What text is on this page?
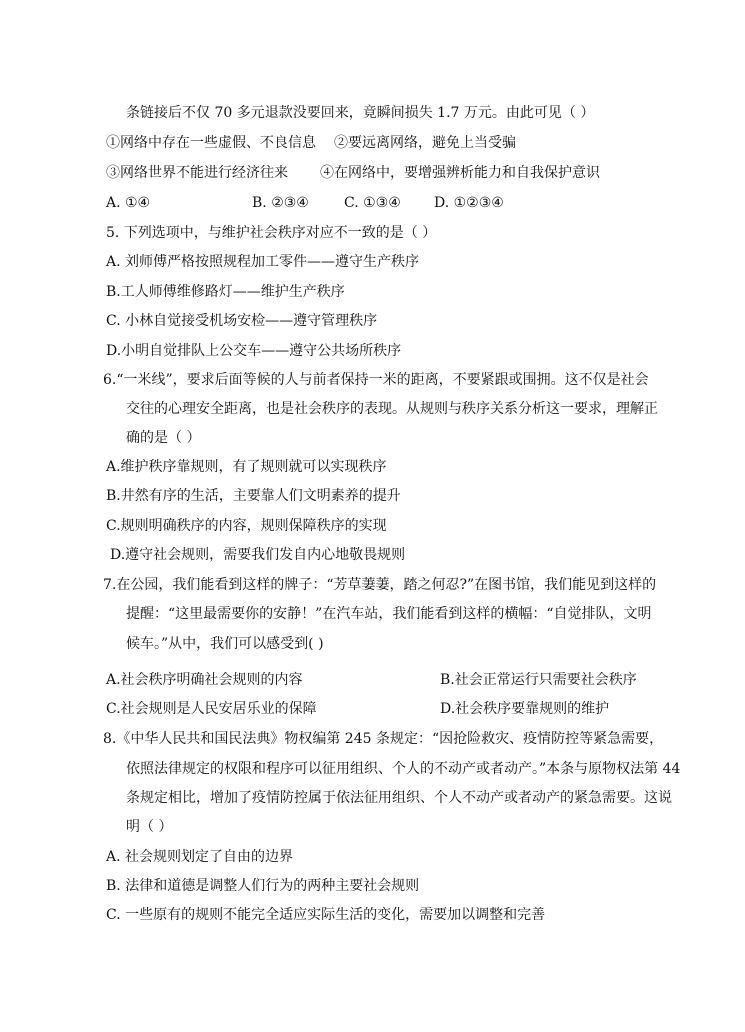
条链接后不仅 70 多元退款没要回来，竟瞬间损失 1.7 万元。由此可见（ ）
①网络中存在一些虚假、不良信息 ②要远离网络，避免上当受骗
③网络世界不能进行经济往来 ④在网络中，要增强辨析能力和自我保护意识
A. ①④	B. ②③④	C. ①③④ D. ①②③④
5. 下列选项中，与维护社会秩序对应不一致的是（ ）
A. 刘师傅严格按照规程加工零件——遵守生产秩序
B.工人师傅维修路灯——维护生产秩序
C. 小林自觉接受机场安检——遵守管理秩序
D.小明自觉排队上公交车——遵守公共场所秩序
6.“一米线”，要求后面等候的人与前者保持一米的距离，不要紧跟或围拥。这不仅是社会
交往的心理安全距离，也是社会秩序的表现。从规则与秩序关系分析这一要求，理解正
确的是（ ）
A.维护秩序靠规则，有了规则就可以实现秩序
B.井然有序的生活，主要靠人们文明素养的提升
C.规则明确秩序的内容，规则保障秩序的实现
D.遵守社会规则，需要我们发自内心地敬畏规则
7.在公园，我们能看到这样的牌子：“芳草萋萋，踏之何忍?”在图书馆，我们能见到这样的
提醒：“这里最需要你的安静！”在汽车站，我们能看到这样的横幅：“自觉排队，文明
候车。”从中，我们可以感受到( )
A.社会秩序明确社会规则的内容	B.社会正常运行只需要社会秩序
C.社会规则是人民安居乐业的保障	D.社会秩序要靠规则的维护
8.《中华人民共和国民法典》物权编第 245 条规定：“因抢险救灾、疫情防控等紧急需要，
依照法律规定的权限和程序可以征用组织、个人的不动产或者动产。”本条与原物权法第 44
条规定相比，增加了疫情防控属于依法征用组织、个人不动产或者动产的紧急需要。这说
明（ ）
A. 社会规则划定了自由的边界
B. 法律和道德是调整人们行为的两种主要社会规则
C. 一些原有的规则不能完全适应实际生活的变化，需要加以调整和完善
